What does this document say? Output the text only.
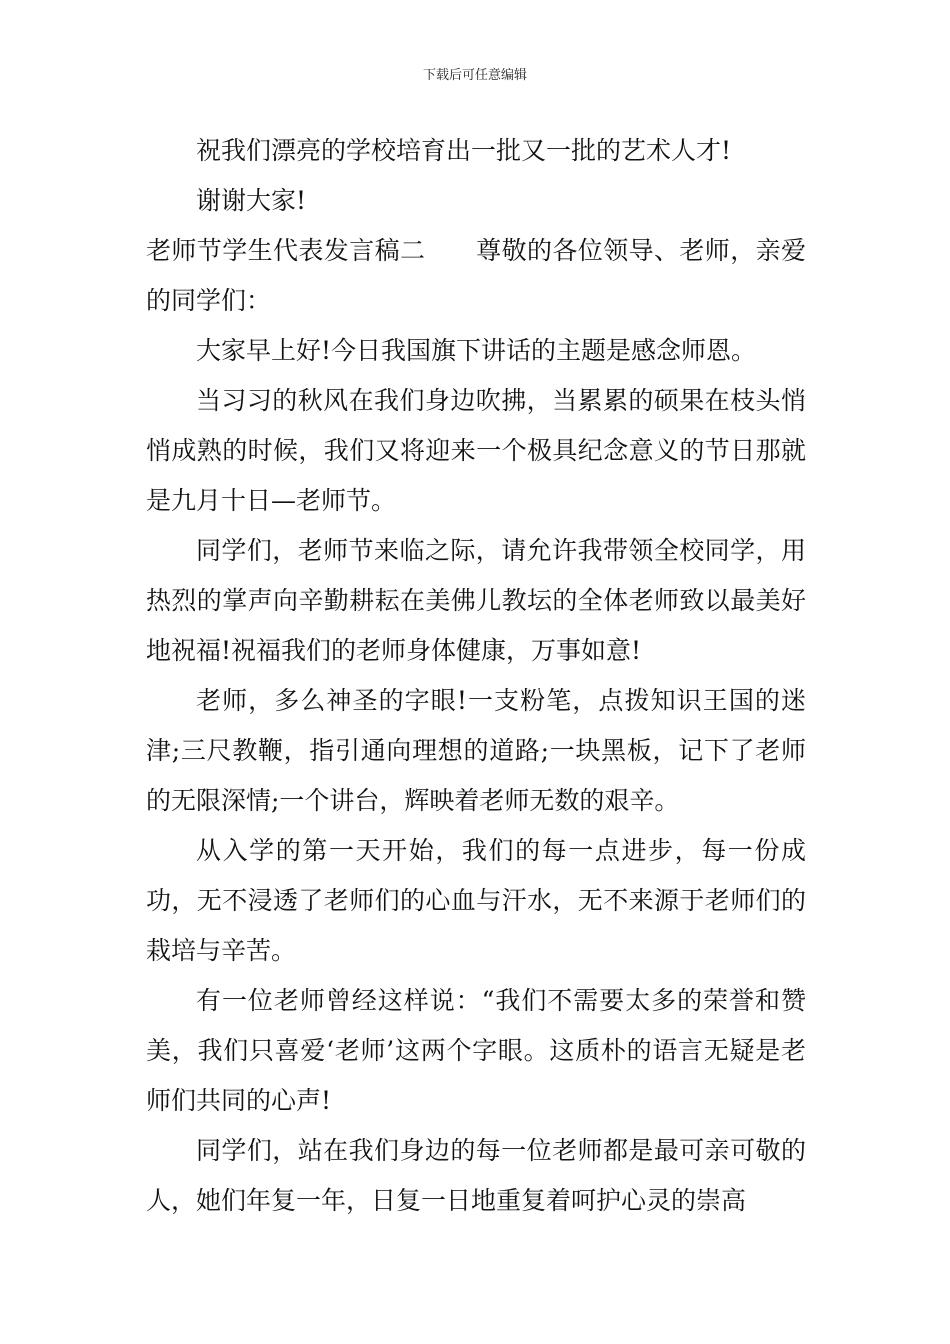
下载后可任意编辑

祝我们漂亮的学校培育出一批又一批的艺术人才!

谢谢大家!

老师节学生代表发言稿二　　尊敬的各位领导、老师，亲爱的同学们：

大家早上好!今日我国旗下讲话的主题是感念师恩。

当习习的秋风在我们身边吹拂，当累累的硕果在枝头悄悄成熟的时候，我们又将迎来一个极具纪念意义的节日那就是九月十日—老师节。

同学们，老师节来临之际，请允许我带领全校同学，用热烈的掌声向辛勤耕耘在美佛儿教坛的全体老师致以最美好地祝福!祝福我们的老师身体健康，万事如意!

老师，多么神圣的字眼!一支粉笔，点拨知识王国的迷津;三尺教鞭，指引通向理想的道路;一块黑板，记下了老师的无限深情;一个讲台，辉映着老师无数的艰辛。

从入学的第一天开始，我们的每一点进步，每一份成功，无不浸透了老师们的心血与汗水，无不来源于老师们的栽培与辛苦。

有一位老师曾经这样说：“我们不需要太多的荣誉和赞美，我们只喜爱‘老师’这两个字眼。这质朴的语言无疑是老师们共同的心声!

同学们，站在我们身边的每一位老师都是最可亲可敬的人，她们年复一年，日复一日地重复着呵护心灵的崇高
